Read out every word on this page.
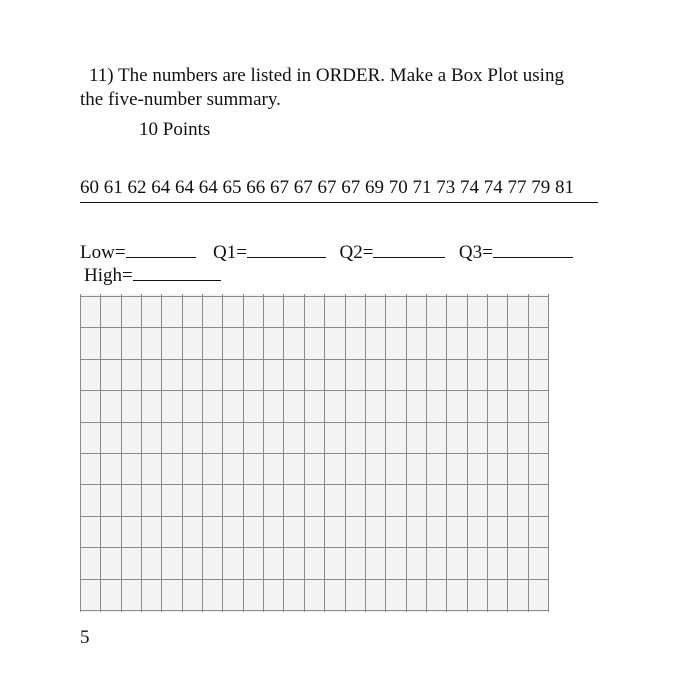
11) The numbers are listed in ORDER. Make a Box Plot using
the five-number summary.
10 Points
60 61 62 64 64 64 65 66 67 67 67 67 69 70 71 73 74 74 77 79 81
Low=	Q1=	Q2=	Q3=
High=
5
